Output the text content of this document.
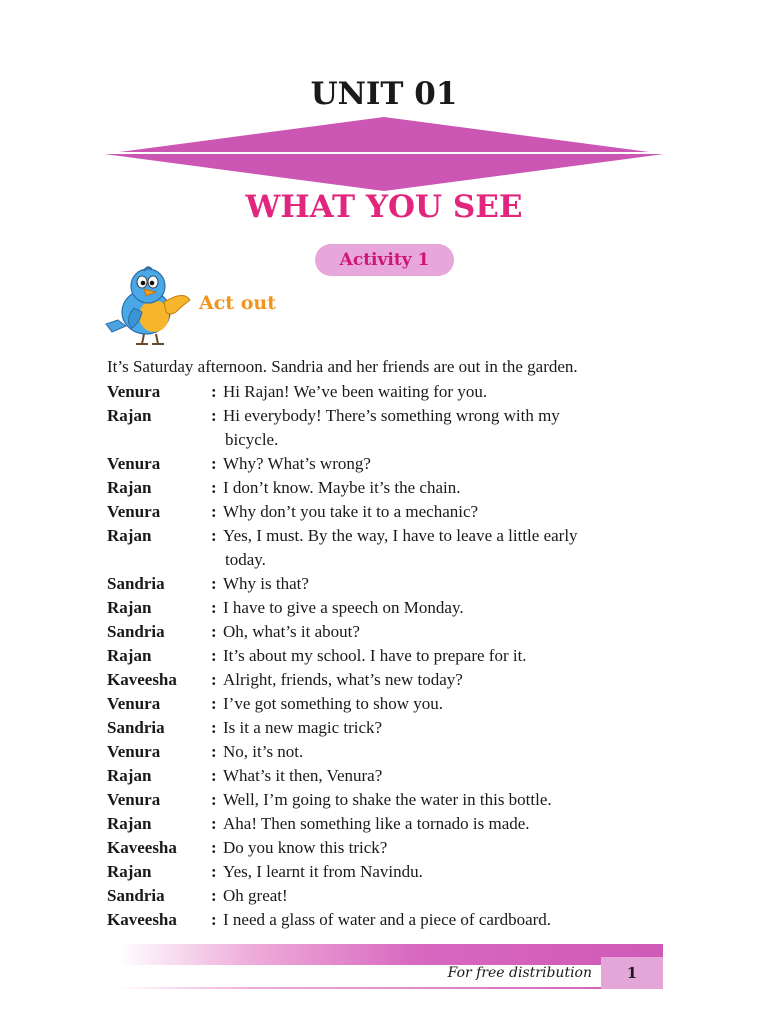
UNIT 01
WHAT YOU SEE
Activity 1
Act out
It’s Saturday afternoon. Sandria and her friends are out in the garden.
Venura	: Hi Rajan! We’ve been waiting for you.
Rajan	: Hi everybody! There’s something wrong with my
bicycle.
Venura	: Why? What’s wrong?
Rajan	: I don’t know. Maybe it’s the chain.
Venura	: Why don’t you take it to a mechanic?
Rajan	: Yes, I must. By the way, I have to leave a little early
today.
Sandria	: Why is that?
Rajan	: I have to give a speech on Monday.
Sandria	: Oh, what’s it about?
Rajan	: It’s about my school. I have to prepare for it.
Kaveesha	: Alright, friends, what’s new today?
Venura	: I’ve got something to show you.
Sandria	: Is it a new magic trick?
Venura	: No, it’s not.
Rajan	: What’s it then, Venura?
Venura	: Well, I’m going to shake the water in this bottle.
Rajan	: Aha! Then something like a tornado is made.
Kaveesha	: Do you know this trick?
Rajan	: Yes, I learnt it from Navindu.
Sandria	: Oh great!
Kaveesha	: I need a glass of water and a piece of cardboard.
For free distribution	1
